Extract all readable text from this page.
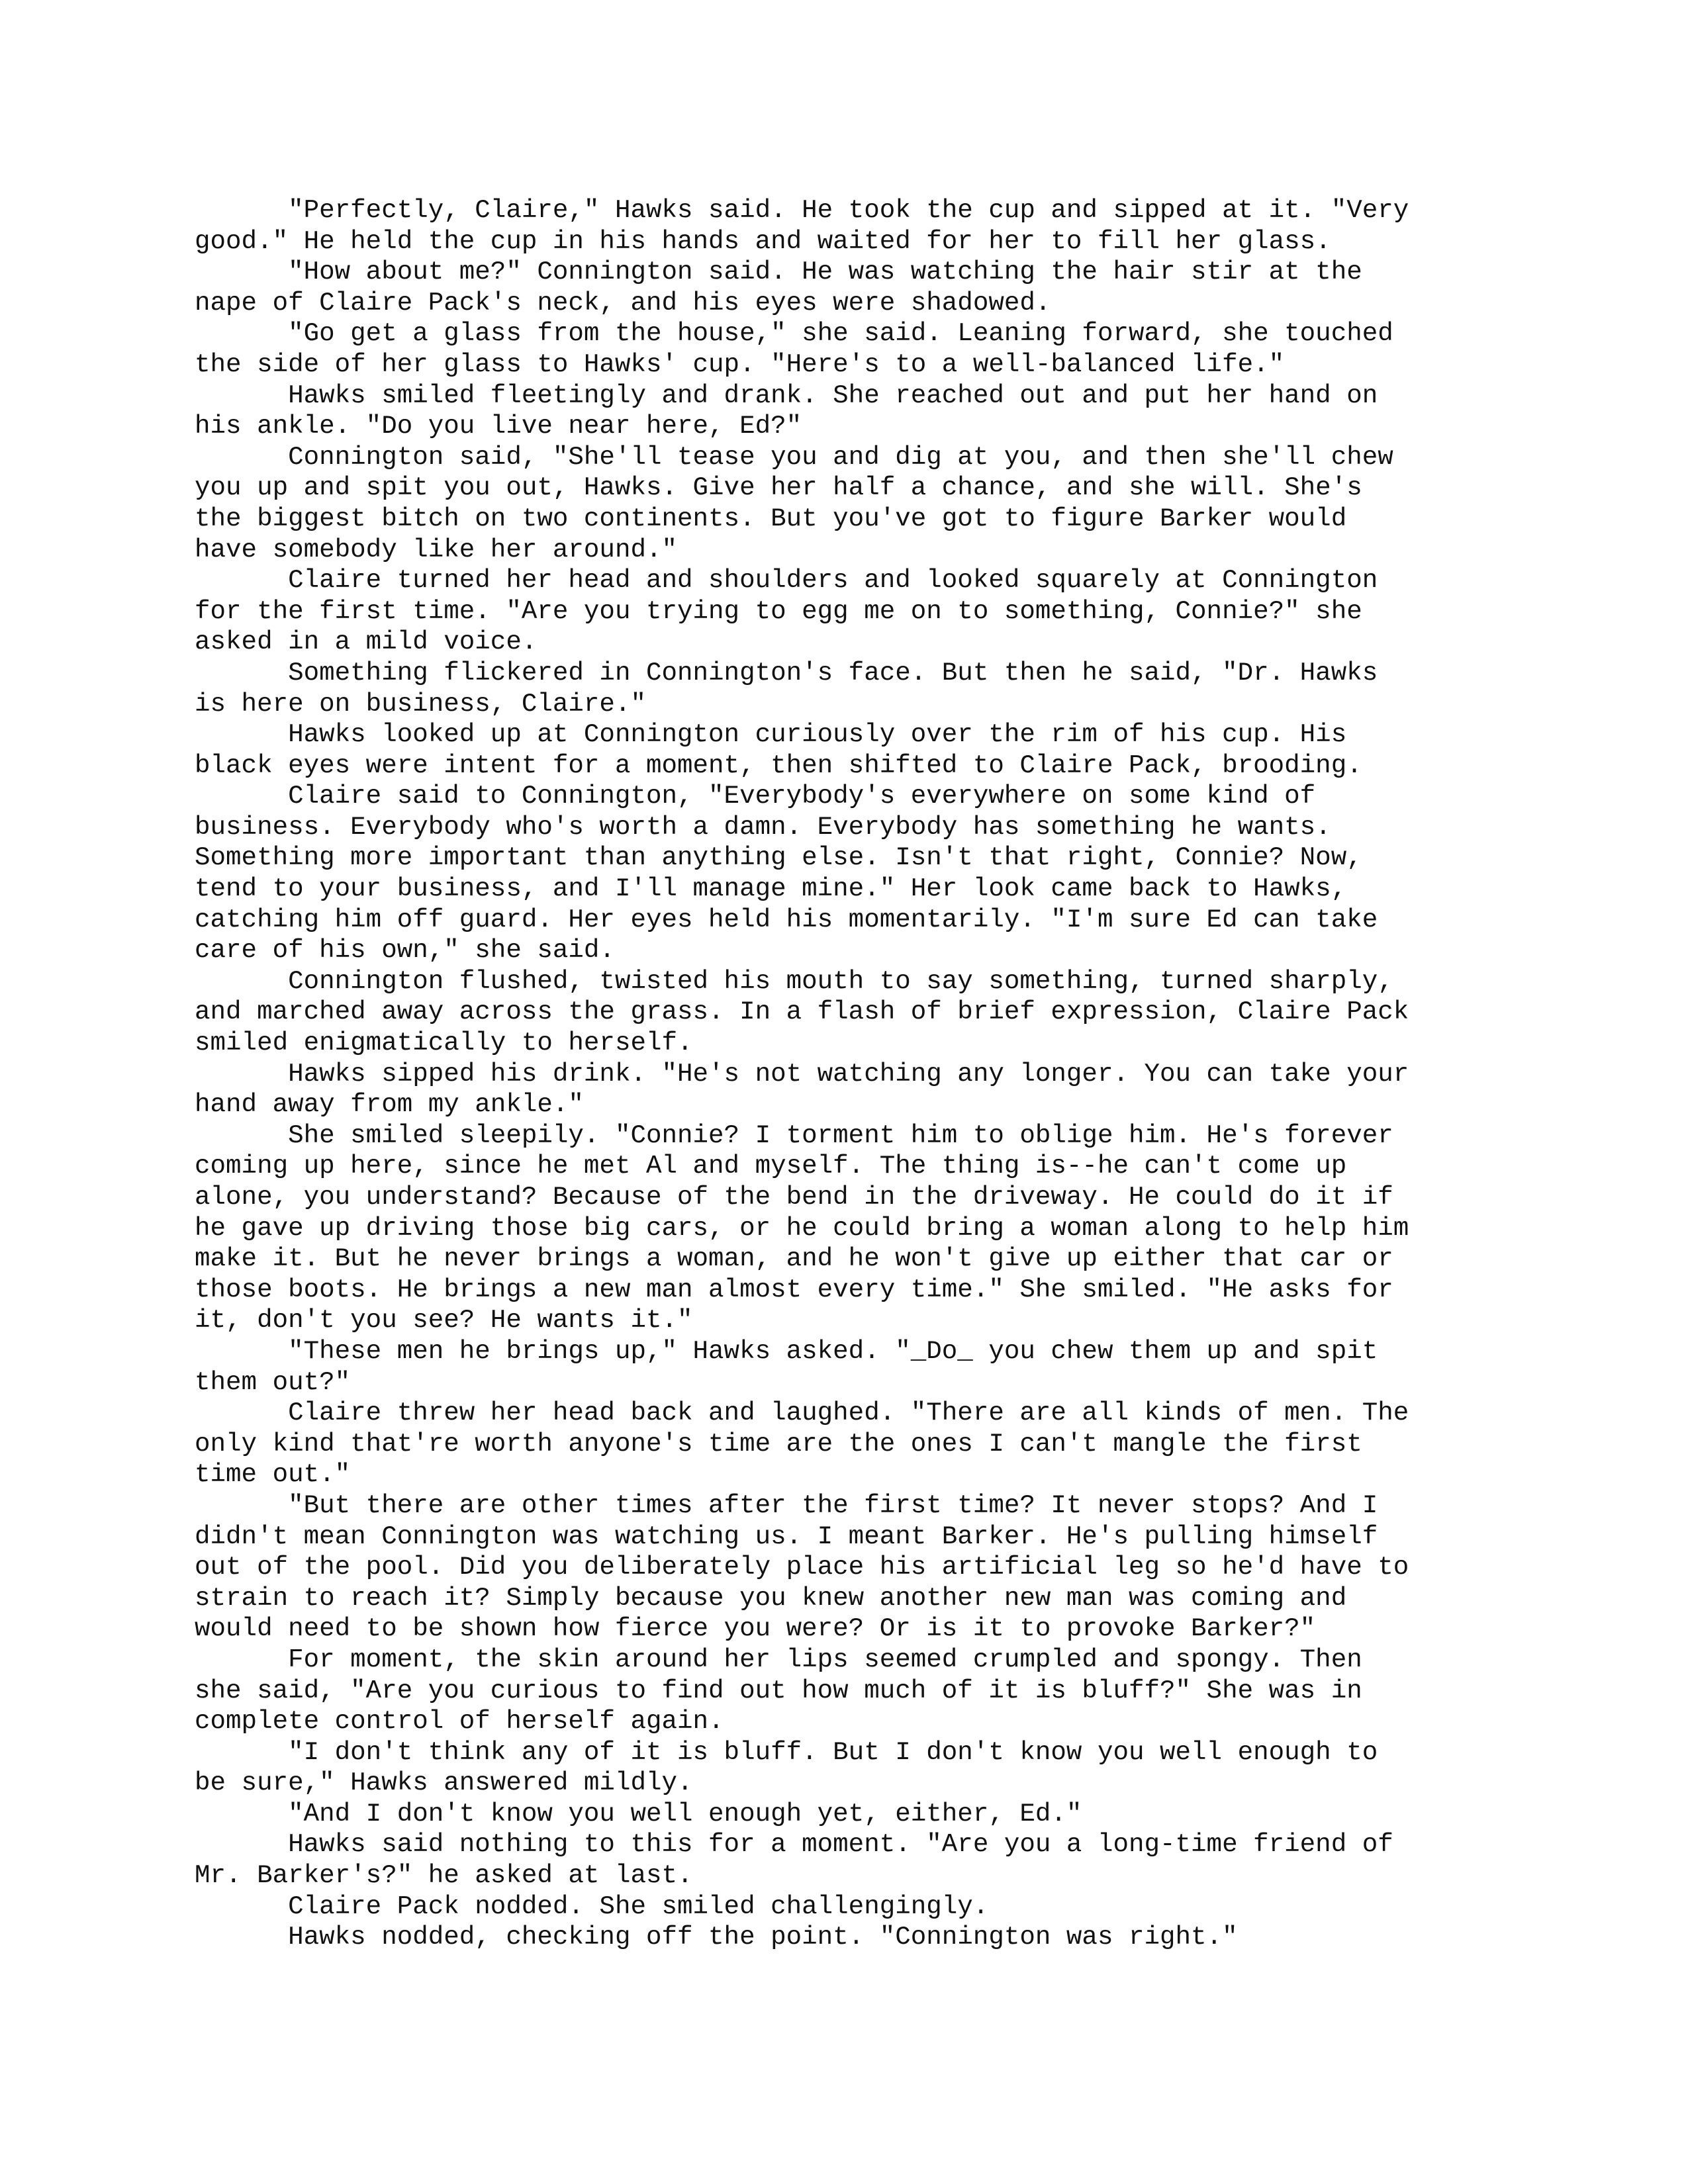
"Perfectly, Claire," Hawks said. He took the cup and sipped at it. "Very
good." He held the cup in his hands and waited for her to fill her glass.
"How about me?" Connington said. He was watching the hair stir at the
nape of Claire Pack's neck, and his eyes were shadowed.
"Go get a glass from the house," she said. Leaning forward, she touched
the side of her glass to Hawks' cup. "Here's to a well-balanced life."
Hawks smiled fleetingly and drank. She reached out and put her hand on
his ankle. "Do you live near here, Ed?"
Connington said, "She'll tease you and dig at you, and then she'll chew
you up and spit you out, Hawks. Give her half a chance, and she will. She's
the biggest bitch on two continents. But you've got to figure Barker would
have somebody like her around."
Claire turned her head and shoulders and looked squarely at Connington
for the first time. "Are you trying to egg me on to something, Connie?" she
asked in a mild voice.
Something flickered in Connington's face. But then he said, "Dr. Hawks
is here on business, Claire."
Hawks looked up at Connington curiously over the rim of his cup. His
black eyes were intent for a moment, then shifted to Claire Pack, brooding.
Claire said to Connington, "Everybody's everywhere on some kind of
business. Everybody who's worth a damn. Everybody has something he wants.
Something more important than anything else. Isn't that right, Connie? Now,
tend to your business, and I'll manage mine." Her look came back to Hawks,
catching him off guard. Her eyes held his momentarily. "I'm sure Ed can take
care of his own," she said.
Connington flushed, twisted his mouth to say something, turned sharply,
and marched away across the grass. In a flash of brief expression, Claire Pack
smiled enigmatically to herself.
Hawks sipped his drink. "He's not watching any longer. You can take your
hand away from my ankle."
She smiled sleepily. "Connie? I torment him to oblige him. He's forever
coming up here, since he met Al and myself. The thing is--he can't come up
alone, you understand? Because of the bend in the driveway. He could do it if
he gave up driving those big cars, or he could bring a woman along to help him
make it. But he never brings a woman, and he won't give up either that car or
those boots. He brings a new man almost every time." She smiled. "He asks for
it, don't you see? He wants it."
"These men he brings up," Hawks asked. "_Do_ you chew them up and spit
them out?"
Claire threw her head back and laughed. "There are all kinds of men. The
only kind that're worth anyone's time are the ones I can't mangle the first
time out."
"But there are other times after the first time? It never stops? And I
didn't mean Connington was watching us. I meant Barker. He's pulling himself
out of the pool. Did you deliberately place his artificial leg so he'd have to
strain to reach it? Simply because you knew another new man was coming and
would need to be shown how fierce you were? Or is it to provoke Barker?"
For moment, the skin around her lips seemed crumpled and spongy. Then
she said, "Are you curious to find out how much of it is bluff?" She was in
complete control of herself again.
"I don't think any of it is bluff. But I don't know you well enough to
be sure," Hawks answered mildly.
"And I don't know you well enough yet, either, Ed."
Hawks said nothing to this for a moment. "Are you a long-time friend of
Mr. Barker's?" he asked at last.
Claire Pack nodded. She smiled challengingly.
Hawks nodded, checking off the point. "Connington was right."
